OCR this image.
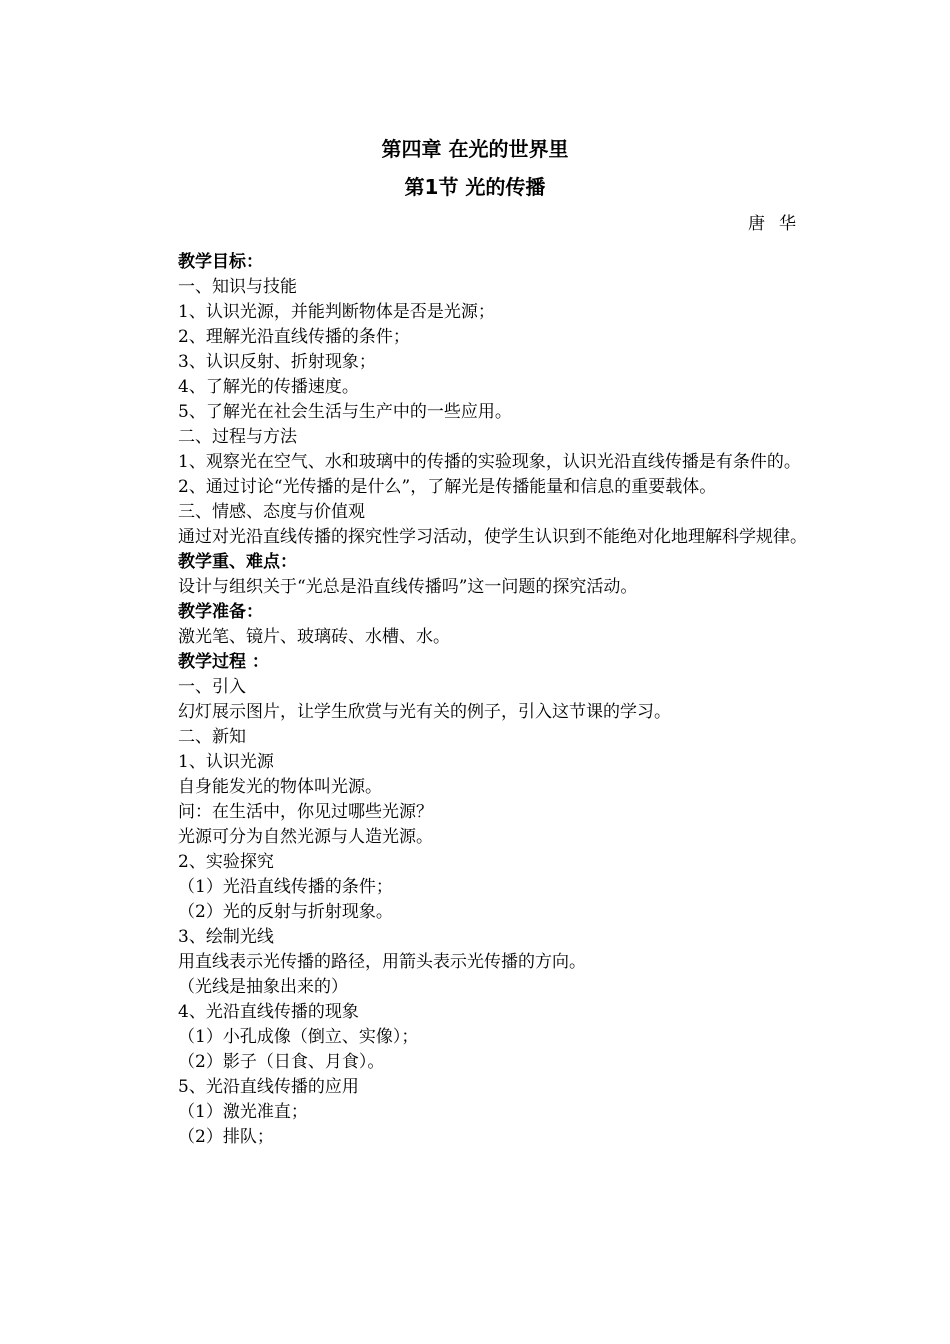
第四章 在光的世界里
第1节 光的传播
唐华

教学目标：

一、知识与技能

1、认识光源，并能判断物体是否是光源；

2、理解光沿直线传播的条件；

3、认识反射、折射现象；

4、了解光的传播速度。

5、了解光在社会生活与生产中的一些应用。

二、过程与方法

1、观察光在空气、水和玻璃中的传播的实验现象，认识光沿直线传播是有条件的。

2、通过讨论“光传播的是什么”，了解光是传播能量和信息的重要载体。

三、情感、态度与价值观

通过对光沿直线传播的探究性学习活动，使学生认识到不能绝对化地理解科学规律。

教学重、难点：

设计与组织关于“光总是沿直线传播吗”这一问题的探究活动。

教学准备：

激光笔、镜片、玻璃砖、水槽、水。

教学过程 ：

一、引入

幻灯展示图片，让学生欣赏与光有关的例子，引入这节课的学习。

二、新知

1、认识光源

自身能发光的物体叫光源。

问：在生活中，你见过哪些光源？

光源可分为自然光源与人造光源。

2、实验探究

（1）光沿直线传播的条件；

（2）光的反射与折射现象。

3、绘制光线

用直线表示光传播的路径，用箭头表示光传播的方向。

（光线是抽象出来的）

4、光沿直线传播的现象

（1）小孔成像（倒立、实像）；

（2）影子（日食、月食）。

5、光沿直线传播的应用

（1）激光准直；

（2）排队；
